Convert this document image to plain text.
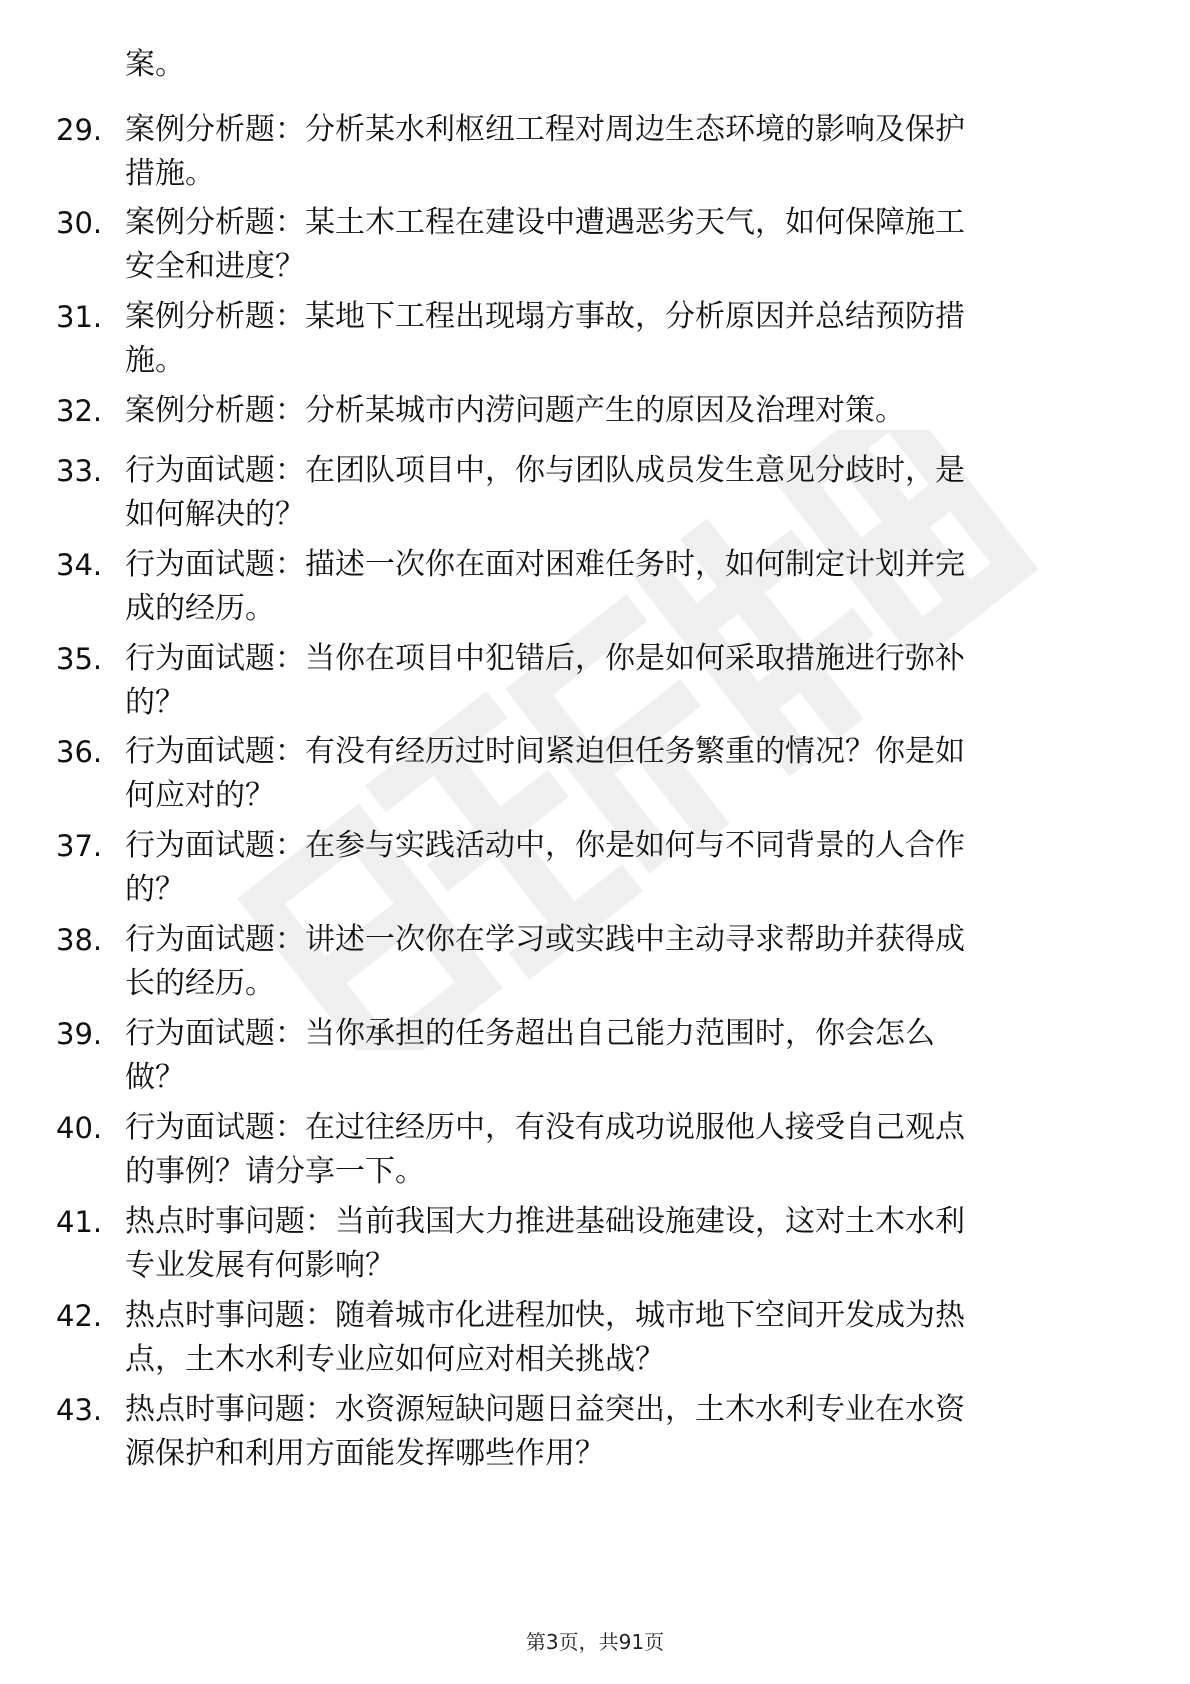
案。
29. 案例分析题：分析某水利枢纽工程对周边生态环境的影响及保护
措施。
30. 案例分析题：某土木工程在建设中遭遇恶劣天气，如何保障施工
安全和进度？
31. 案例分析题：某地下工程出现塌方事故，分析原因并总结预防措
施。
32. 案例分析题：分析某城市内涝问题产生的原因及治理对策。
33. 行为面试题：在团队项目中，你与团队成员发生意见分歧时，是
如何解决的？
34. 行为面试题：描述一次你在面对困难任务时，如何制定计划并完
成的经历。
35. 行为面试题：当你在项目中犯错后，你是如何采取措施进行弥补
的？
36. 行为面试题：有没有经历过时间紧迫但任务繁重的情况？你是如
何应对的？
37. 行为面试题：在参与实践活动中，你是如何与不同背景的人合作
的？
38. 行为面试题：讲述一次你在学习或实践中主动寻求帮助并获得成
长的经历。
39. 行为面试题：当你承担的任务超出自己能力范围时，你会怎么
做？
40. 行为面试题：在过往经历中，有没有成功说服他人接受自己观点
的事例？请分享一下。
41. 热点时事问题：当前我国大力推进基础设施建设，这对土木水利
专业发展有何影响？
42. 热点时事问题：随着城市化进程加快，城市地下空间开发成为热
点，土木水利专业应如何应对相关挑战？
43. 热点时事问题：水资源短缺问题日益突出，土木水利专业在水资
源保护和利用方面能发挥哪些作用？
第3页，共91页
